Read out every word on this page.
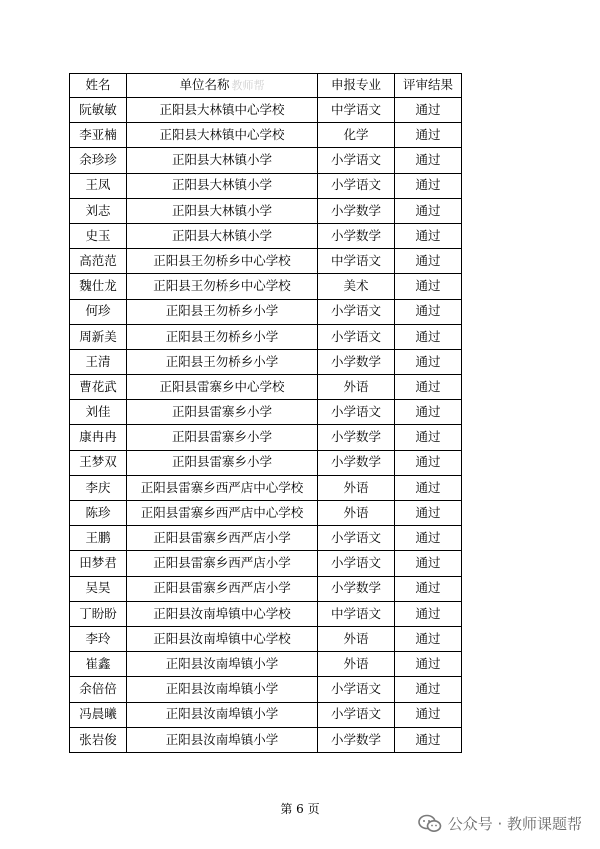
姓名	单位名称 教师帮	申报专业	评审结果
阮敏敏	正阳县大林镇中心学校	中学语文	通过
李亚楠	正阳县大林镇中心学校	化学	通过
余珍珍	正阳县大林镇小学	小学语文	通过
王凤	正阳县大林镇小学	小学语文	通过
刘志	正阳县大林镇小学	小学数学	通过
史玉	正阳县大林镇小学	小学数学	通过
高范范	正阳县王勿桥乡中心学校	中学语文	通过
魏仕龙	正阳县王勿桥乡中心学校	美术	通过
何珍	正阳县王勿桥乡小学	小学语文	通过
周新美	正阳县王勿桥乡小学	小学语文	通过
王清	正阳县王勿桥乡小学	小学数学	通过
曹花武	正阳县雷寨乡中心学校	外语	通过
刘佳	正阳县雷寨乡小学	小学语文	通过
康冉冉	正阳县雷寨乡小学	小学数学	通过
王梦双	正阳县雷寨乡小学	小学数学	通过
李庆	正阳县雷寨乡西严店中心学校	外语	通过
陈珍	正阳县雷寨乡西严店中心学校	外语	通过
王鹏	正阳县雷寨乡西严店小学	小学语文	通过
田梦君	正阳县雷寨乡西严店小学	小学语文	通过
吴昊	正阳县雷寨乡西严店小学	小学数学	通过
丁盼盼	正阳县汝南埠镇中心学校	中学语文	通过
李玲	正阳县汝南埠镇中心学校	外语	通过
崔鑫	正阳县汝南埠镇小学	外语	通过
余倍倍	正阳县汝南埠镇小学	小学语文	通过
冯晨曦	正阳县汝南埠镇小学	小学语文	通过
张岩俊	正阳县汝南埠镇小学	小学数学	通过
第 6 页
公众号 · 教师课题帮
